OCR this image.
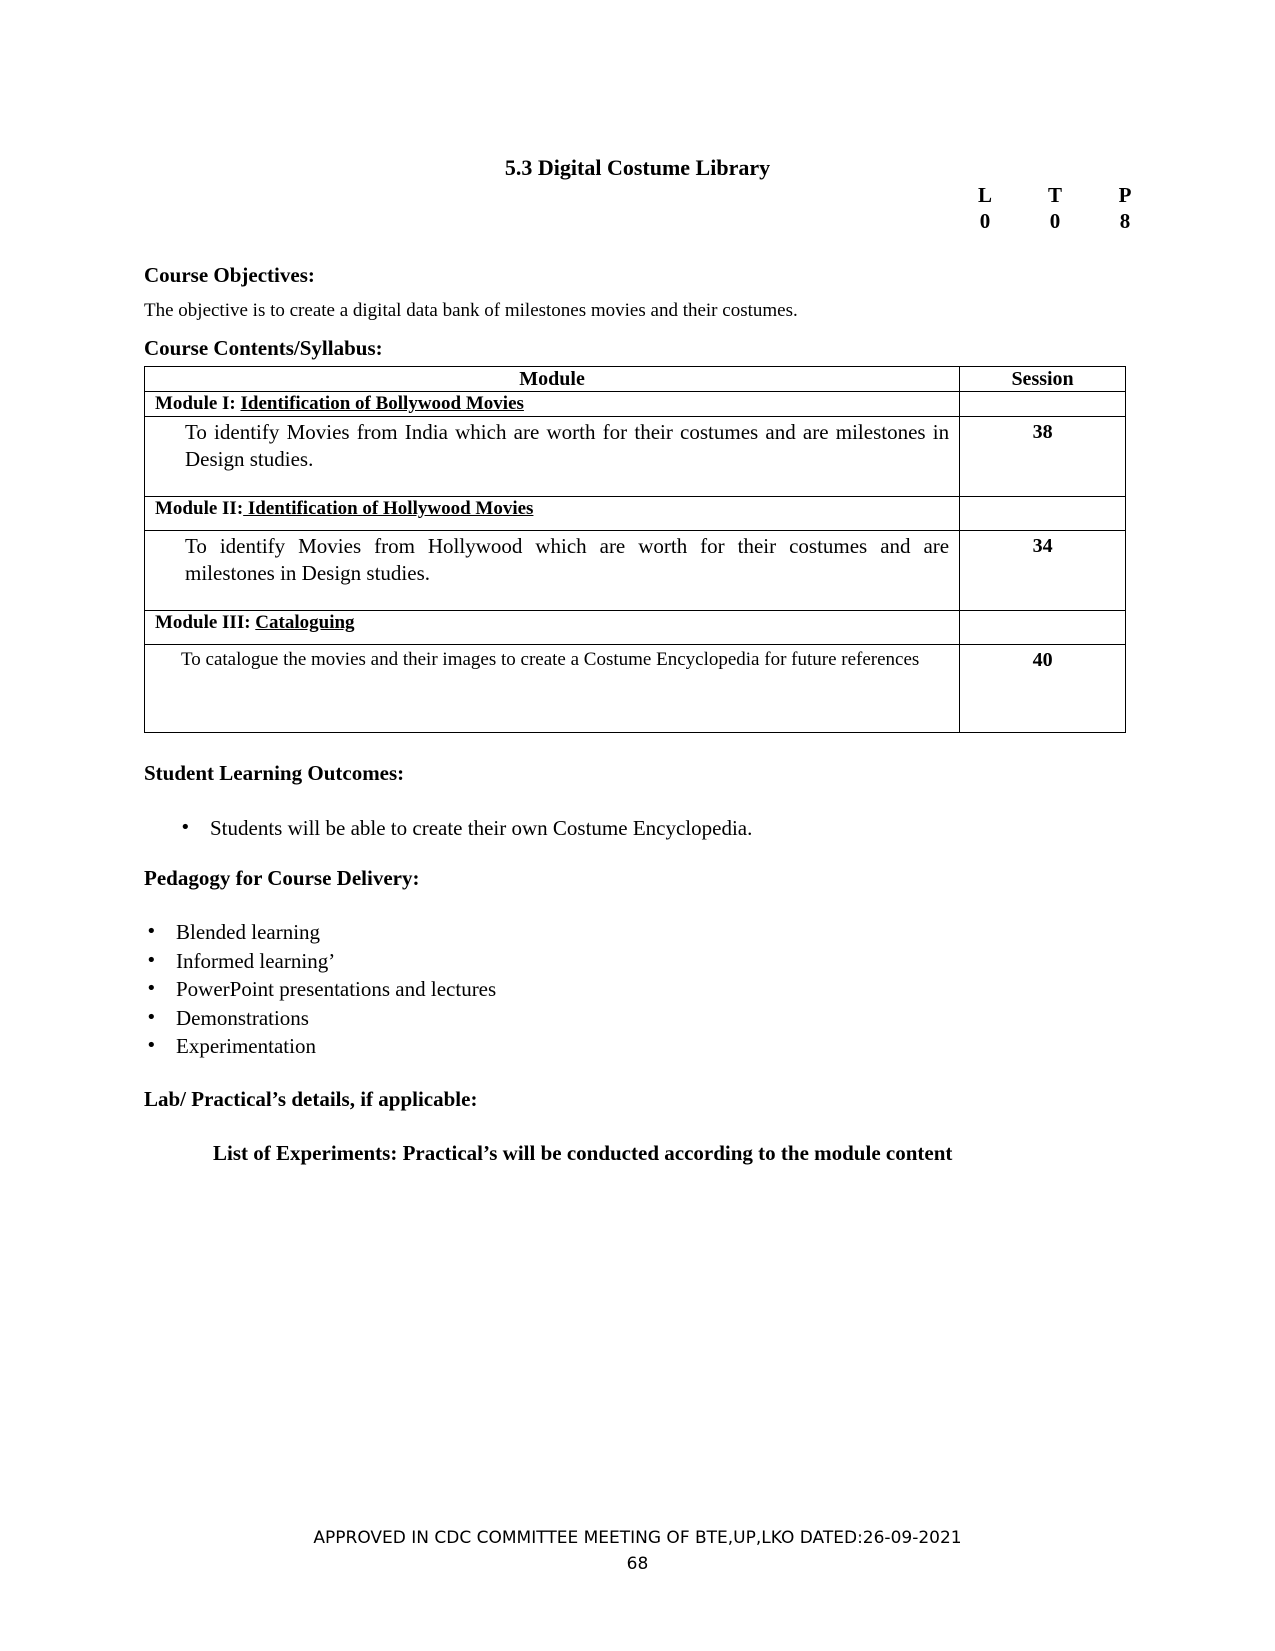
5.3 Digital Costume Library
L	T	P
0	0	8
Course Objectives:
The objective is to create a digital data bank of milestones movies and their costumes.
Course Contents/Syllabus:
Module	Session
Module I: Identification of Bollywood Movies	
To identify Movies from India which are worth for their costumes and are milestones in Design studies.	38
Module II: Identification of Hollywood Movies	
To identify Movies from Hollywood which are worth for their costumes and are milestones in Design studies.	34
Module III: Cataloguing	
To catalogue the movies and their images to create a Costume Encyclopedia for future references	40
Student Learning Outcomes:
• Students will be able to create their own Costume Encyclopedia.
Pedagogy for Course Delivery:
• Blended learning
• Informed learning’
• PowerPoint presentations and lectures
• Demonstrations
• Experimentation
Lab/ Practical’s details, if applicable:
List of Experiments: Practical’s will be conducted according to the module content
APPROVED IN CDC COMMITTEE MEETING OF BTE,UP,LKO DATED:26-09-2021
68
